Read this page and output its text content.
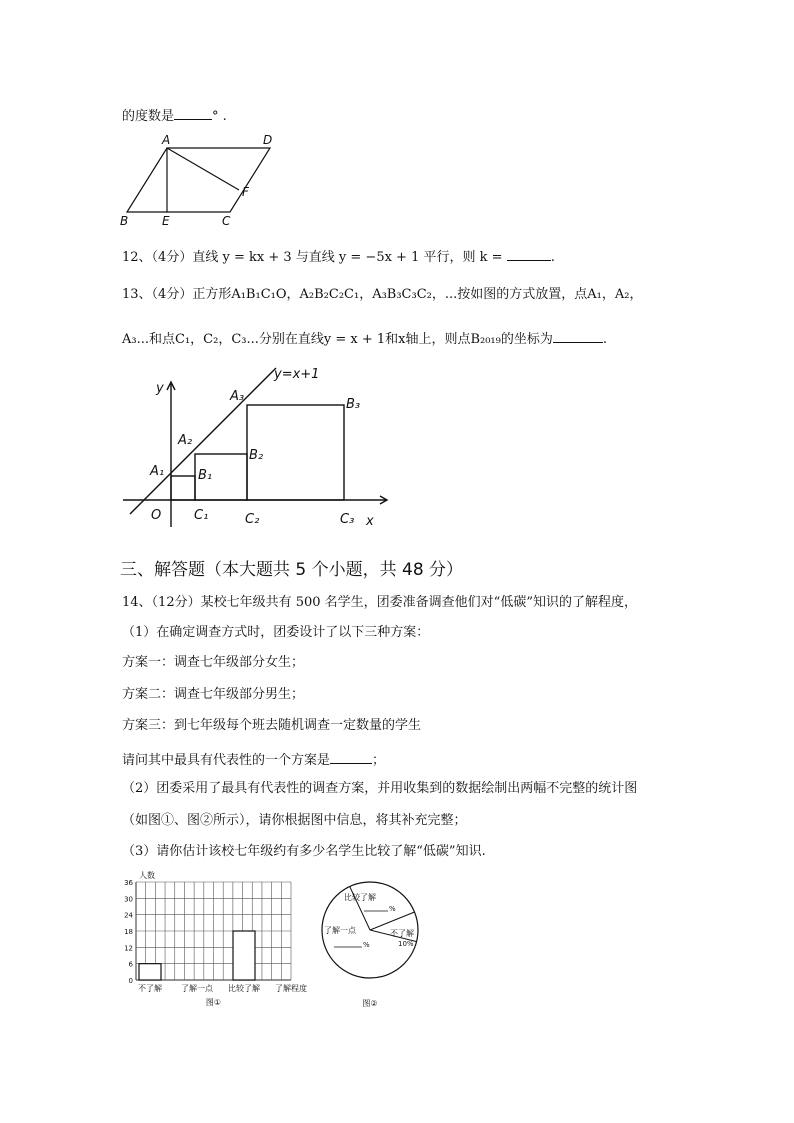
的度数是	° .
A	D
F
B	E	C
12、（4分）直线 y = kx + 3 与直线 y = −5x + 1 平行，则 k =	.
13、（4分）正方形A₁B₁C₁O，A₂B₂C₂C₁，A₃B₃C₃C₂，...按如图的方式放置，点A₁，A₂，
A₃...和点C₁，C₂，C₃...分别在直线y = x + 1和x轴上，则点B₂₀₁₉的坐标为	.
y=x+1
y
x
O
A₁
A₂
A₃
B₁
B₂
B₃
C₁	C₂	C₃
三、解答题（本大题共 5 个小题，共 48 分）
14、（12分）某校七年级共有 500 名学生，团委准备调查他们对“低碳”知识的了解程度，
（1）在确定调查方式时，团委设计了以下三种方案：
方案一：调查七年级部分女生；
方案二：调查七年级部分男生；
方案三：到七年级每个班去随机调查一定数量的学生
请问其中最具有代表性的一个方案是	；
（2）团委采用了最具有代表性的调查方案，并用收集到的数据绘制出两幅不完整的统计图
（如图①、图②所示），请你根据图中信息，将其补充完整；
（3）请你估计该校七年级约有多少名学生比较了解“低碳”知识.
0
6
12
18
24
30
36
人数
不了解 了解一点 比较了解 了解程度
图①
比较了解
%
了解一点
%
不了解
10%
图②
